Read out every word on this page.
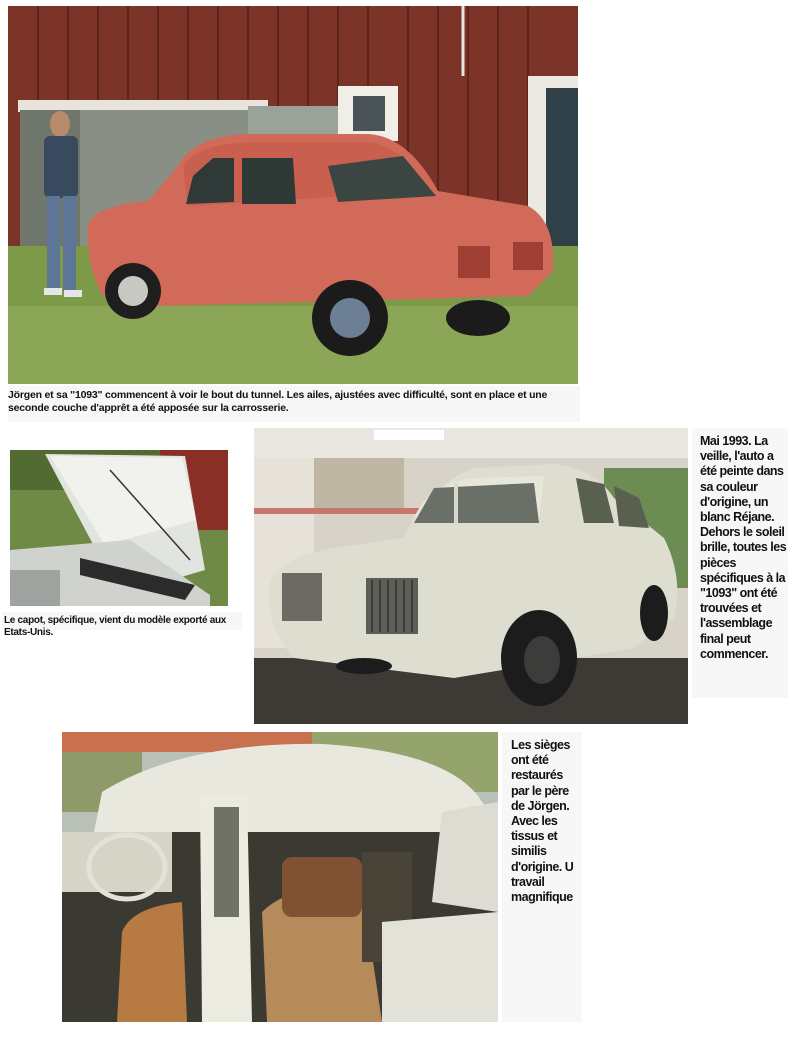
Jörgen et sa "1093" commencent à voir le bout du tunnel. Les ailes, ajustées avec difficulté, sont en place et une seconde couche d'apprêt a été apposée sur la carrosserie.
Le capot, spécifique, vient du modèle exporté aux Etats-Unis.
Mai 1993. La veille, l'auto a été peinte dans sa couleur d'origine, un blanc Réjane. Dehors le soleil brille, toutes les pièces spécifiques à la "1093" ont été trouvées et l'assemblage final peut commencer.
Les sièges ont été restaurés par le père de Jörgen. Avec les tissus et similis d'origine. U travail magnifique
